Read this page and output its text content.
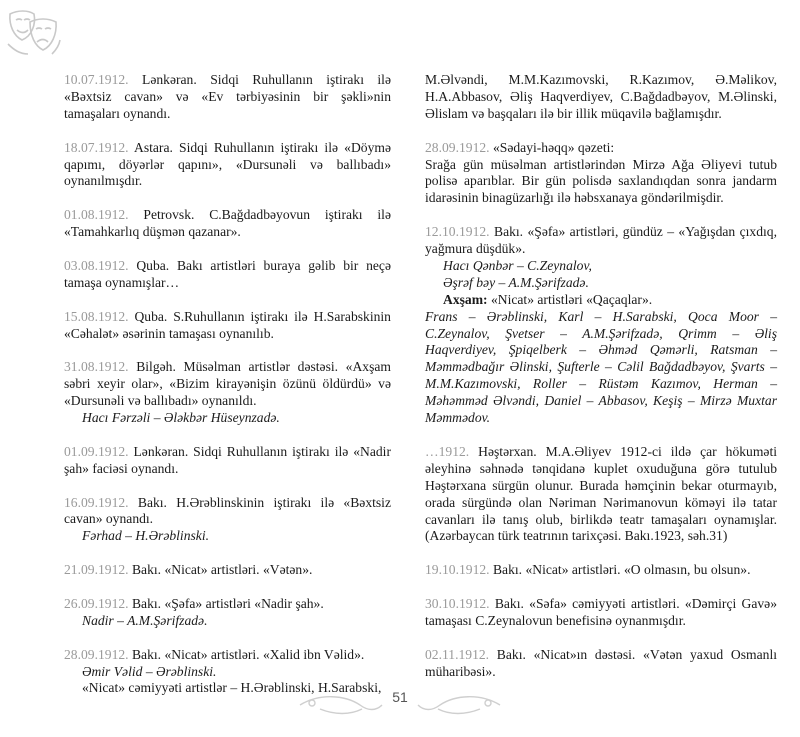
10.07.1912. Lənkəran. Sidqi Ruhullanın iştirakı ilə «Bəxtsiz cavan» və «Ev tərbiyəsinin bir şəkli»nin tamaşaları oynandı.

18.07.1912. Astara. Sidqi Ruhullanın iştirakı ilə «Döymə qapımı, döyərlər qapını», «Dursunəli və ballıbadı» oynanılmışdır.

01.08.1912. Petrovsk. C.Bağdadbəyovun iştirakı ilə «Tamahkarlıq düşmən qazanar».

03.08.1912. Quba. Bakı artistləri buraya gəlib bir neçə tamaşa oynamışlar…

15.08.1912. Quba. S.Ruhullanın iştirakı ilə H.Sarabskinin «Cəhalət» əsərinin tamaşası oynanılıb.

31.08.1912. Bilgəh. Müsəlman artistlər dəstəsi. «Axşam səbri xeyir olar», «Bizim kirayənişin özünü öldürdü» və «Dursunəli və ballıbadı» oynanıldı.

Hacı Fərzəli – Ələkbər Hüseynzadə.

01.09.1912. Lənkəran. Sidqi Ruhullanın iştirakı ilə «Nadir şah» faciəsi oynandı.

16.09.1912. Bakı. H.Ərəblinskinin iştirakı ilə «Bəxtsiz cavan» oynandı.

Fərhad – H.Ərəblinski.

21.09.1912. Bakı. «Nicat» artistləri. «Vətən».

26.09.1912. Bakı. «Şəfa» artistləri «Nadir şah».

Nadir – A.M.Şərifzadə.

28.09.1912. Bakı. «Nicat» artistləri. «Xalid ibn Vəlid».

Əmir Vəlid – Ərəblinski.

«Nicat» cəmiyyəti artistlər – H.Ərəblinski, H.Sarabski,

M.Əlvəndi, M.M.Kazımovski, R.Kazımov, Ə.Məlikov, H.A.Abbasov, Əliş Haqverdiyev, C.Bağdadbəyov, M.Əlinski, Əlislam və başqaları ilə bir illik müqavilə bağlamışdır.

28.09.1912. «Sədayi-həqq» qəzeti:

Srağa gün müsəlman artistlərindən Mirzə Ağa Əliyevi tutub polisə aparıblar. Bir gün polisdə saxlandıqdan sonra jandarm idarəsinin binagüzarlığı ilə həbsxanaya göndərilmişdir.

12.10.1912. Bakı. «Şəfa» artistləri, gündüz – «Yağışdan çıxdıq, yağmura düşdük».

Hacı Qənbər – C.Zeynalov,

Əşrəf bəy – A.M.Şərifzadə.

Axşam: «Nicat» artistləri «Qaçaqlar».

Frans – Ərəblinski, Karl – H.Sarabski, Qoca Moor – C.Zeynalov, Şvetser – A.M.Şərifzadə, Qrimm – Əliş Haqverdiyev, Şpiqelberk – Əhməd Qəmərli, Ratsman – Məmmədbağır Əlinski, Şufterle – Cəlil Bağdadbəyov, Şvarts – M.M.Kazımovski, Roller – Rüstəm Kazımov, Herman – Məhəmməd Əlvəndi, Daniel – Abbasov, Keşiş – Mirzə Muxtar Məmmədov.

…1912. Həştərxan. M.A.Əliyev 1912-ci ildə çar hökuməti əleyhinə səhnədə tənqidanə kuplet oxuduğuna görə tutulub Həştərxana sürgün olunur. Burada həmçinin bekar oturmayıb, orada sürgündə olan Nəriman Nərimanovun köməyi ilə tatar cavanları ilə tanış olub, birlikdə teatr tamaşaları oynamışlar. (Azərbaycan türk teatrının tarixçəsi. Bakı.1923, səh.31)

19.10.1912. Bakı. «Nicat» artistləri. «O olmasın, bu olsun».

30.10.1912. Bakı. «Səfa» cəmiyyəti artistləri. «Dəmirçi Gavə» tamaşası C.Zeynalovun benefisinə oynanmışdır.

02.11.1912. Bakı. «Nicat»ın dəstəsi. «Vətən yaxud Osmanlı müharibəsi».

51
